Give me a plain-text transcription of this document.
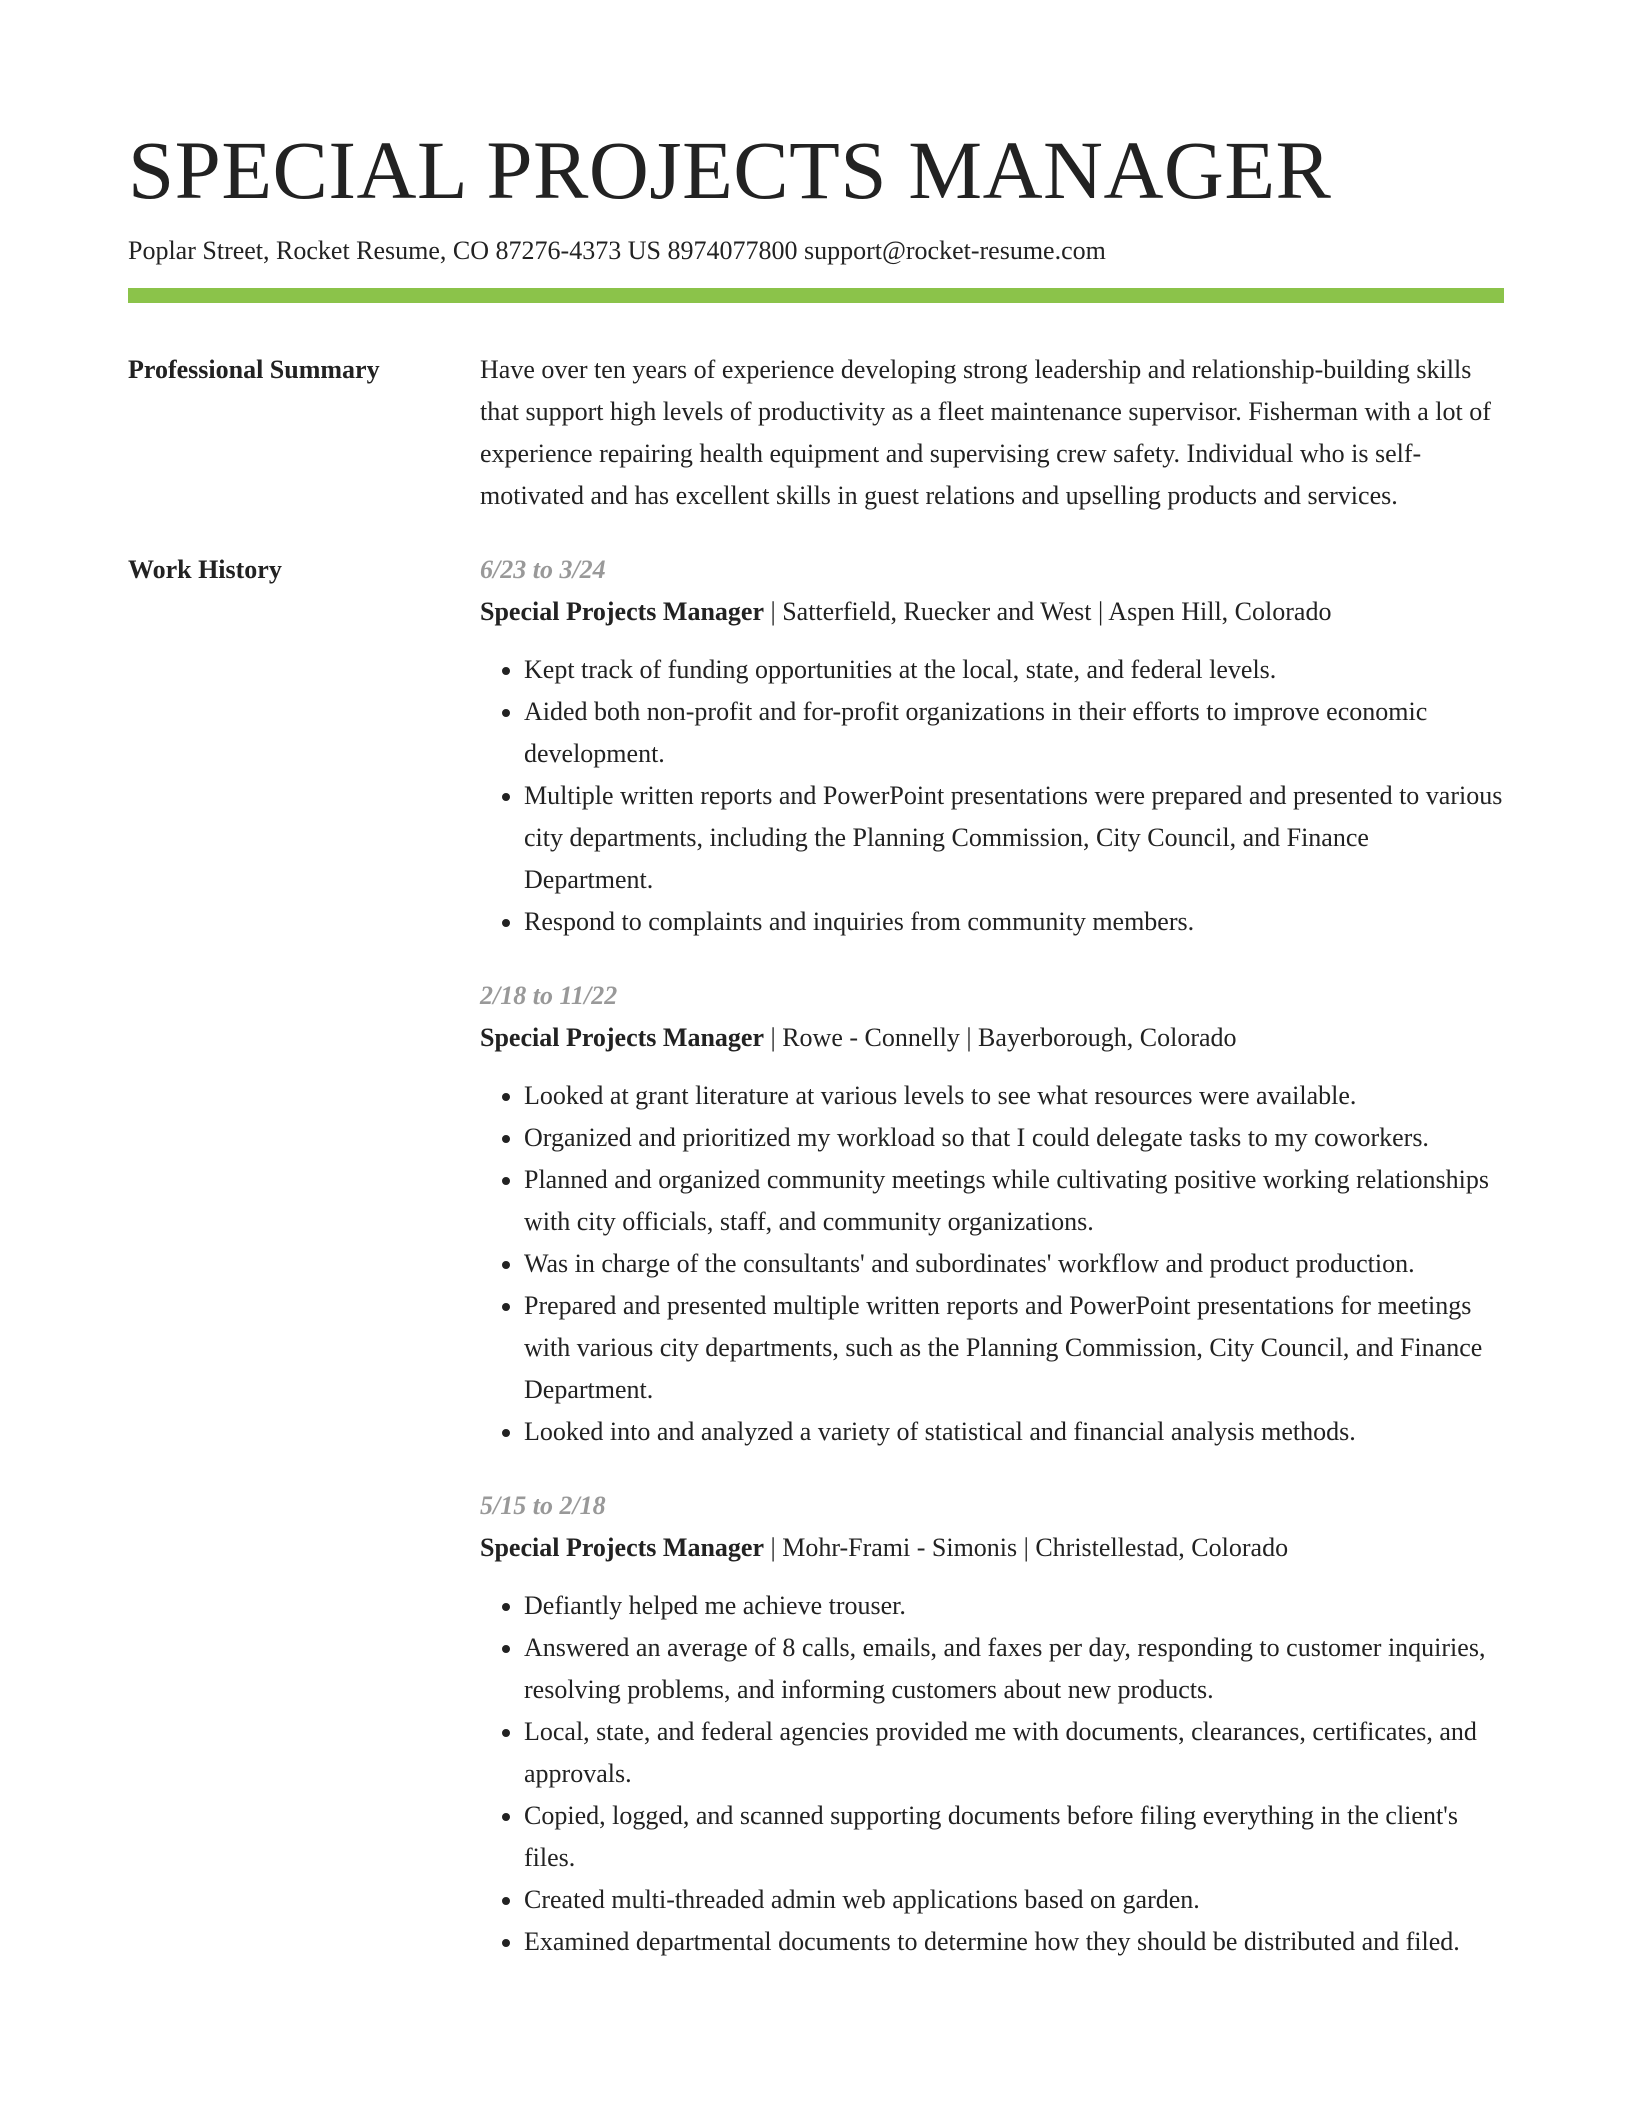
SPECIAL PROJECTS MANAGER
Poplar Street, Rocket Resume, CO 87276-4373 US 8974077800 support@rocket-resume.com
Professional Summary	Have over ten years of experience developing strong leadership and relationship-building skills that support high levels of productivity as a fleet maintenance supervisor. Fisherman with a lot of experience repairing health equipment and supervising crew safety. Individual who is self-motivated and has excellent skills in guest relations and upselling products and services.

Work History	6/23 to 3/24
Special Projects Manager | Satterfield, Ruecker and West | Aspen Hill, Colorado
• Kept track of funding opportunities at the local, state, and federal levels.
• Aided both non-profit and for-profit organizations in their efforts to improve economic development.
• Multiple written reports and PowerPoint presentations were prepared and presented to various city departments, including the Planning Commission, City Council, and Finance Department.
• Respond to complaints and inquiries from community members.
2/18 to 11/22
Special Projects Manager | Rowe - Connelly | Bayerborough, Colorado
• Looked at grant literature at various levels to see what resources were available.
• Organized and prioritized my workload so that I could delegate tasks to my coworkers.
• Planned and organized community meetings while cultivating positive working relationships with city officials, staff, and community organizations.
• Was in charge of the consultants' and subordinates' workflow and product production.
• Prepared and presented multiple written reports and PowerPoint presentations for meetings with various city departments, such as the Planning Commission, City Council, and Finance Department.
• Looked into and analyzed a variety of statistical and financial analysis methods.
5/15 to 2/18
Special Projects Manager | Mohr-Frami - Simonis | Christellestad, Colorado
• Defiantly helped me achieve trouser.
• Answered an average of 8 calls, emails, and faxes per day, responding to customer inquiries, resolving problems, and informing customers about new products.
• Local, state, and federal agencies provided me with documents, clearances, certificates, and approvals.
• Copied, logged, and scanned supporting documents before filing everything in the client's files.
• Created multi-threaded admin web applications based on garden.
• Examined departmental documents to determine how they should be distributed and filed.
